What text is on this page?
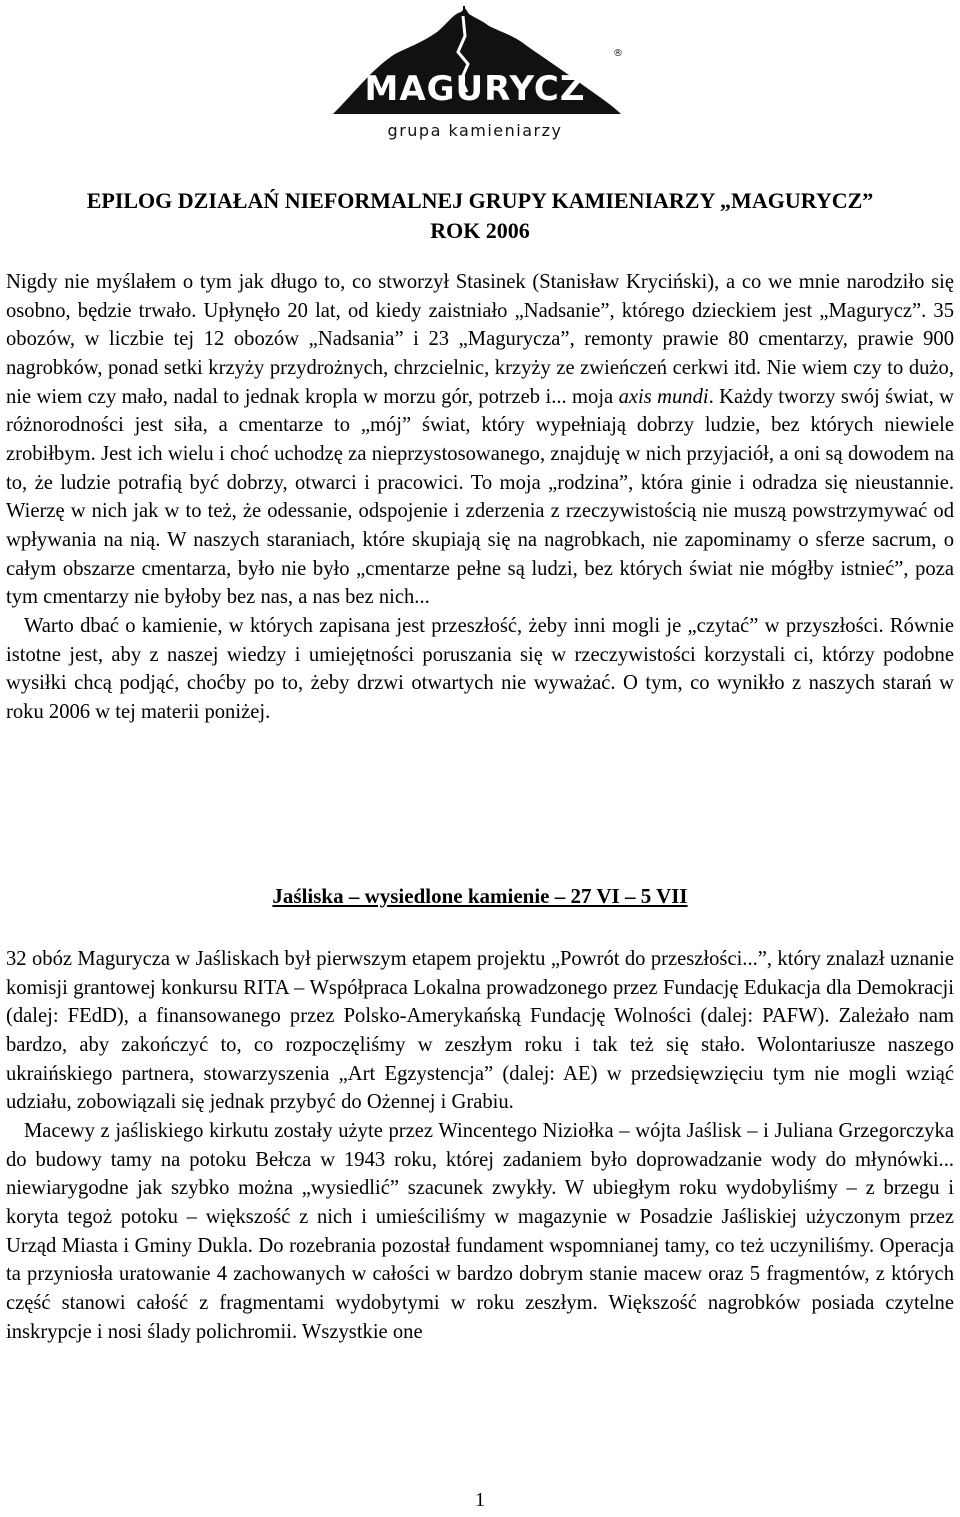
MAGURYCZ
®
grupa kamieniarzy
EPILOG DZIAŁAŃ NIEFORMALNEJ GRUPY KAMIENIARZY „MAGURYCZ”
ROK 2006

Nigdy nie myślałem o tym jak długo to, co stworzył Stasinek (Stanisław Kryciński), a co we mnie narodziło się osobno, będzie trwało. Upłynęło 20 lat, od kiedy zaistniało „Nadsanie”, którego dzieckiem jest „Magurycz”. 35 obozów, w liczbie tej 12 obozów „Nadsania” i 23 „Magurycza”, remonty prawie 80 cmentarzy, prawie 900 nagrobków, ponad setki krzyży przydrożnych, chrzcielnic, krzyży ze zwieńczeń cerkwi itd. Nie wiem czy to dużo, nie wiem czy mało, nadal to jednak kropla w morzu gór, potrzeb i... moja axis mundi. Każdy tworzy swój świat, w różnorodności jest siła, a cmentarze to „mój” świat, który wypełniają dobrzy ludzie, bez których niewiele zrobiłbym. Jest ich wielu i choć uchodzę za nieprzystosowanego, znajduję w nich przyjaciół, a oni są dowodem na to, że ludzie potrafią być dobrzy, otwarci i pracowici. To moja „rodzina”, która ginie i odradza się nieustannie. Wierzę w nich jak w to też, że odessanie, odspojenie i zderzenia z rzeczywistością nie muszą powstrzymywać od wpływania na nią. W naszych staraniach, które skupiają się na nagrobkach, nie zapominamy o sferze sacrum, o całym obszarze cmentarza, było nie było „cmentarze pełne są ludzi, bez których świat nie mógłby istnieć”, poza tym cmentarzy nie byłoby bez nas, a nas bez nich...
Warto dbać o kamienie, w których zapisana jest przeszłość, żeby inni mogli je „czytać” w przyszłości. Równie istotne jest, aby z naszej wiedzy i umiejętności poruszania się w rzeczywistości korzystali ci, którzy podobne wysiłki chcą podjąć, choćby po to, żeby drzwi otwartych nie wyważać. O tym, co wynikło z naszych starań w roku 2006 w tej materii poniżej.

Jaśliska – wysiedlone kamienie – 27 VI – 5 VII

32 obóz Magurycza w Jaśliskach był pierwszym etapem projektu „Powrót do przeszłości...”, który znalazł uznanie komisji grantowej konkursu RITA – Współpraca Lokalna prowadzonego przez Fundację Edukacja dla Demokracji (dalej: FEdD), a finansowanego przez Polsko-Amerykańską Fundację Wolności (dalej: PAFW). Zależało nam bardzo, aby zakończyć to, co rozpoczęliśmy w zeszłym roku i tak też się stało. Wolontariusze naszego ukraińskiego partnera, stowarzyszenia „Art Egzystencja” (dalej: AE) w przedsięwzięciu tym nie mogli wziąć udziału, zobowiązali się jednak przybyć do Ożennej i Grabiu.
Macewy z jaśliskiego kirkutu zostały użyte przez Wincentego Niziołka – wójta Jaślisk – i Juliana Grzegorczyka do budowy tamy na potoku Bełcza w 1943 roku, której zadaniem było doprowadzanie wody do młynówki... niewiarygodne jak szybko można „wysiedlić” szacunek zwykły. W ubiegłym roku wydobyliśmy – z brzegu i koryta tegoż potoku – większość z nich i umieściliśmy w magazynie w Posadzie Jaśliskiej użyczonym przez Urząd Miasta i Gminy Dukla. Do rozebrania pozostał fundament wspomnianej tamy, co też uczyniliśmy. Operacja ta przyniosła uratowanie 4 zachowanych w całości w bardzo dobrym stanie macew oraz 5 fragmentów, z których część stanowi całość z fragmentami wydobytymi w roku zeszłym. Większość nagrobków posiada czytelne inskrypcje i nosi ślady polichromii. Wszystkie one

1
